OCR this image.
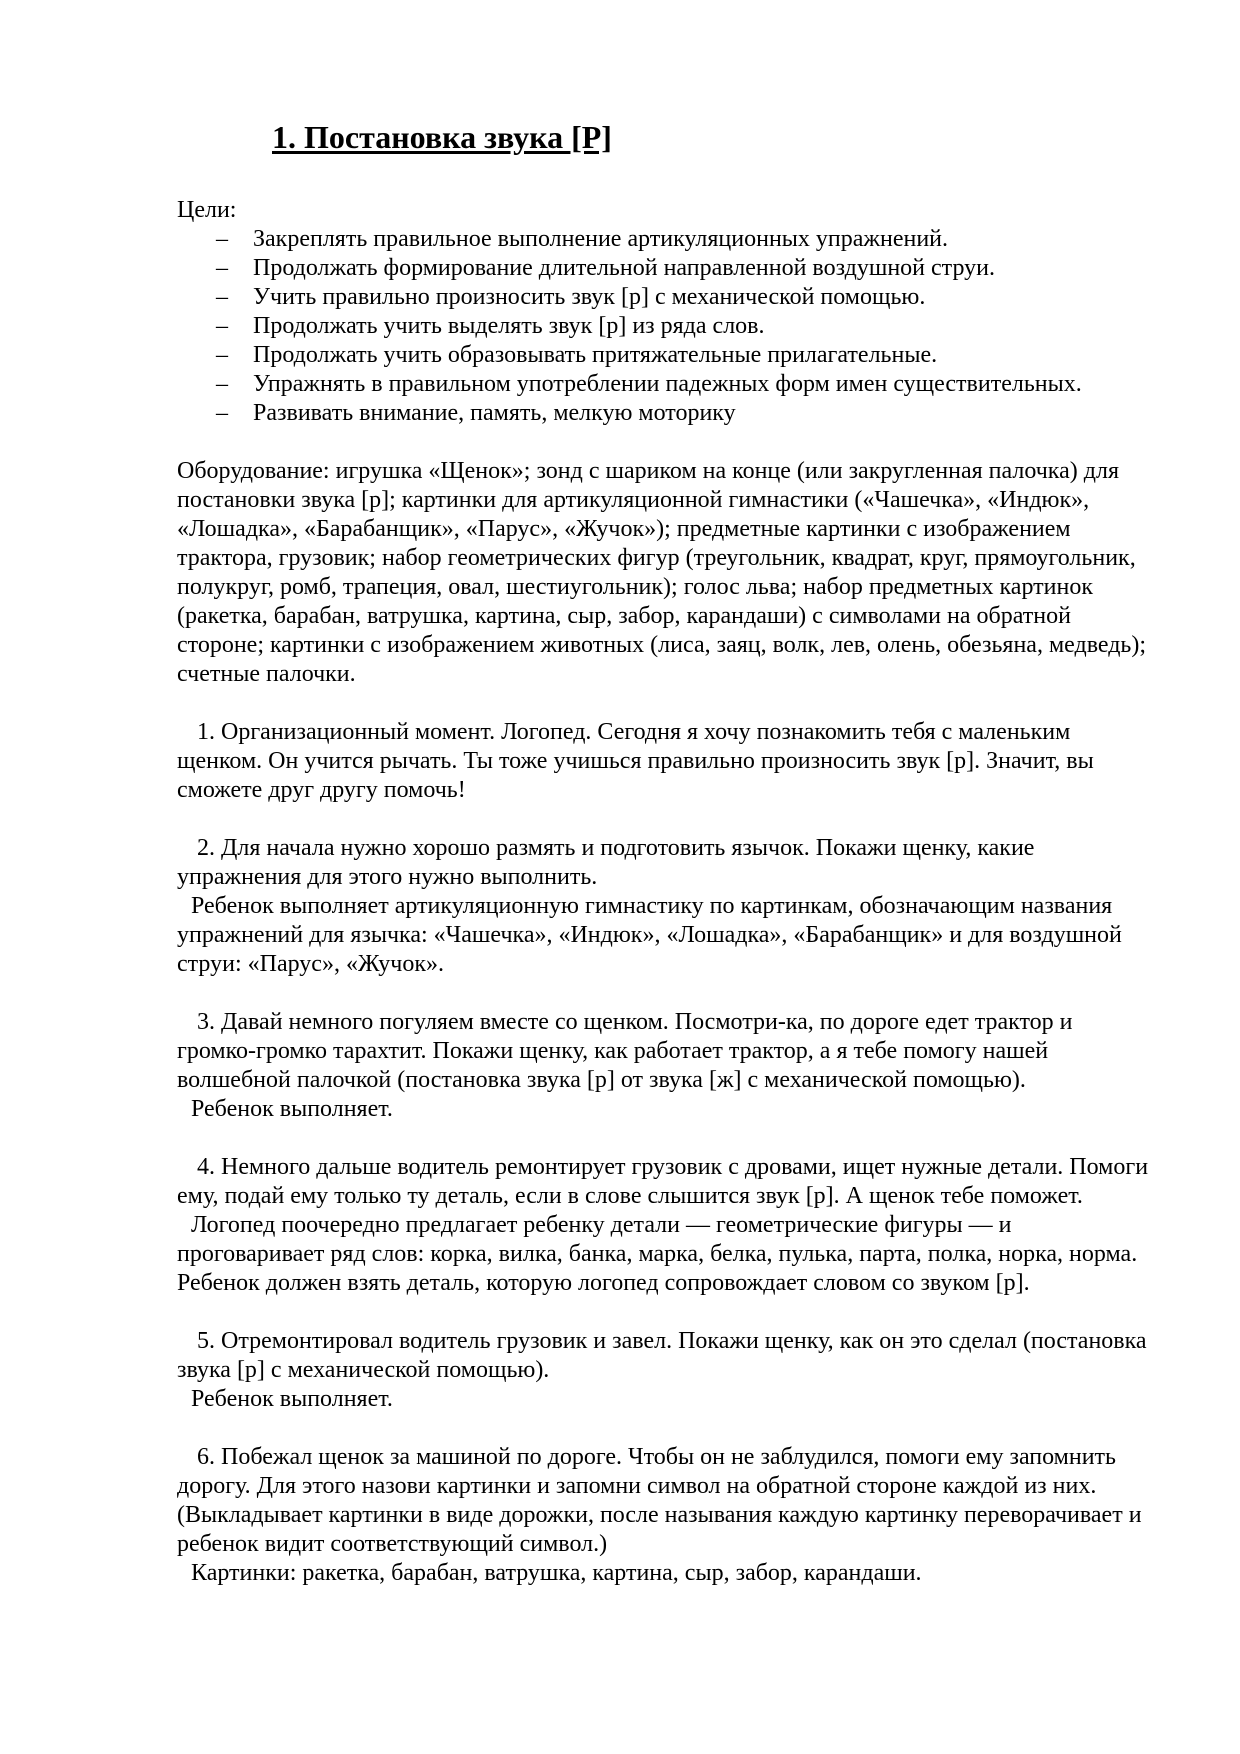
1. Постановка звука [Р]

Цели:

– Закреплять правильное выполнение артикуляционных упражнений.
– Продолжать формирование длительной направленной воздушной струи.
– Учить правильно произносить звук [р] с механической помощью.
– Продолжать учить выделять звук [р] из ряда слов.
– Продолжать учить образовывать притяжательные прилагательные.
– Упражнять в правильном употреблении падежных форм имен существительных.
– Развивать внимание, память, мелкую моторику

Оборудование: игрушка «Щенок»; зонд с шариком на конце (или закругленная палочка) для постановки звука [р]; картинки для артикуляционной гимнастики («Чашечка», «Индюк», «Лошадка», «Барабанщик», «Парус», «Жучок»); предметные картинки с изображением трактора, грузовик; набор геометрических фигур (треугольник, квадрат, круг, прямоугольник, полукруг, ромб, трапеция, овал, шестиугольник); голос льва; набор предметных картинок (ракетка, барабан, ватрушка, картина, сыр, забор, карандаши) с символами на обратной стороне; картинки с изображением животных (лиса, заяц, волк, лев, олень, обезьяна, медведь); счетные палочки.

1. Организационный момент. Логопед. Сегодня я хочу познакомить тебя с маленьким щенком. Он учится рычать. Ты тоже учишься правильно произносить звук [р]. Значит, вы сможете друг другу помочь!

2. Для начала нужно хорошо размять и подготовить язычок. Покажи щенку, какие упражнения для этого нужно выполнить.

Ребенок выполняет артикуляционную гимнастику по картинкам, обозначающим названия упражнений для язычка: «Чашечка», «Индюк», «Лошадка», «Барабанщик» и для воздушной струи: «Парус», «Жучок».

3. Давай немного погуляем вместе со щенком. Посмотри-ка, по дороге едет трактор и громко-громко тарахтит. Покажи щенку, как работает трактор, а я тебе помогу нашей волшебной палочкой (постановка звука [р] от звука [ж] с механической помощью).

Ребенок выполняет.

4. Немного дальше водитель ремонтирует грузовик с дровами, ищет нужные детали. Помоги ему, подай ему только ту деталь, если в слове слышится звук [р]. А щенок тебе поможет.

Логопед поочередно предлагает ребенку детали — геометрические фигуры — и проговаривает ряд слов: корка, вилка, банка, марка, белка, пулька, парта, полка, норка, норма. Ребенок должен взять деталь, которую логопед сопровождает словом со звуком [р].

5. Отремонтировал водитель грузовик и завел. Покажи щенку, как он это сделал (постановка звука [р] с механической помощью).

Ребенок выполняет.

6. Побежал щенок за машиной по дороге. Чтобы он не заблудился, помоги ему запомнить дорогу. Для этого назови картинки и запомни символ на обратной стороне каждой из них. (Выкладывает картинки в виде дорожки, после называния каждую картинку переворачивает и ребенок видит соответствующий символ.)

Картинки: ракетка, барабан, ватрушка, картина, сыр, забор, карандаши.
